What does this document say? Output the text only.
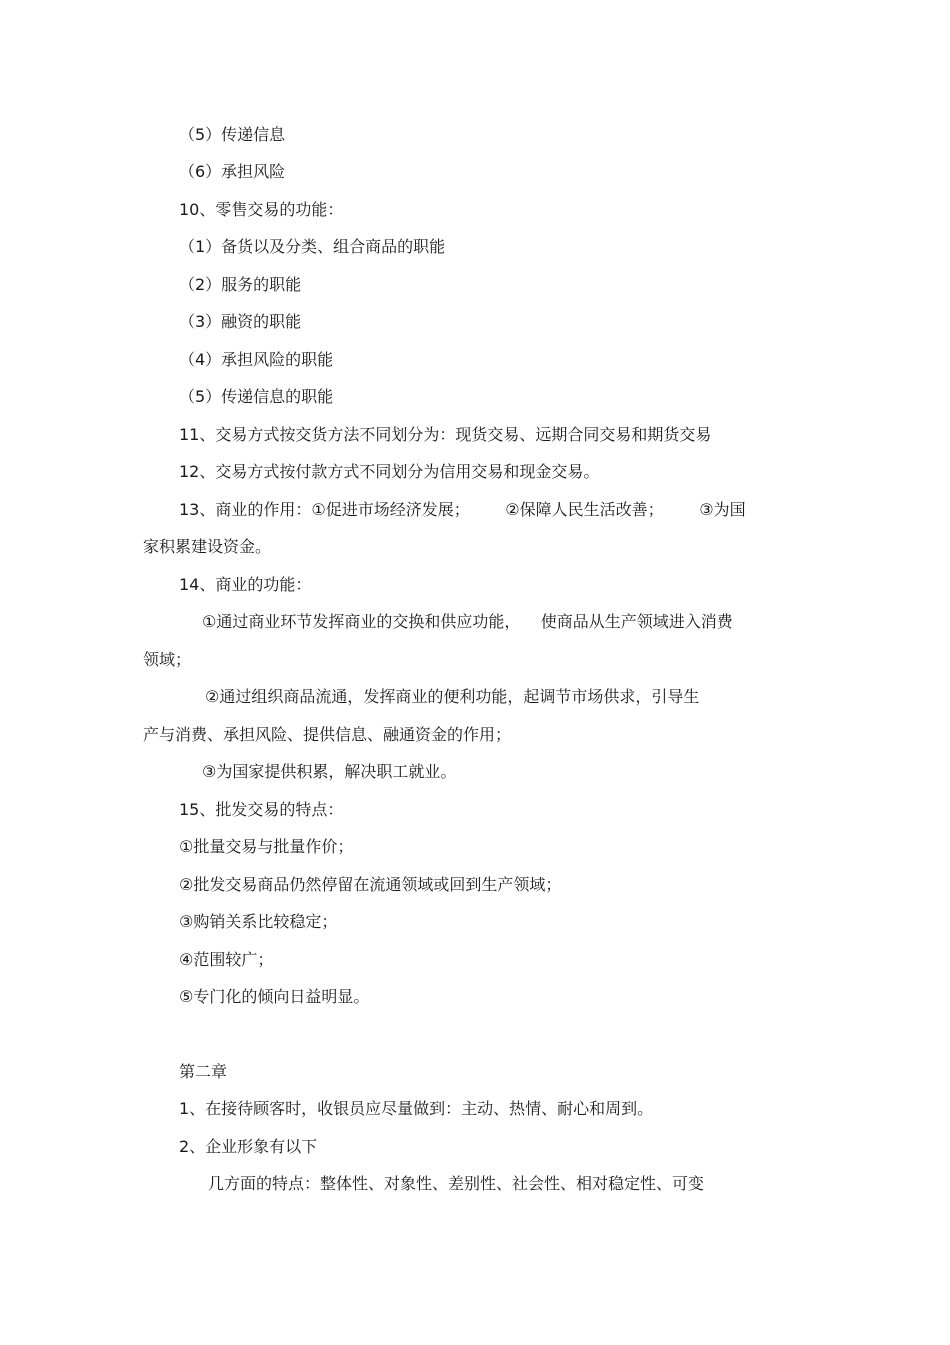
（5）传递信息
（6）承担风险
10、零售交易的功能：
（1）备货以及分类、组合商品的职能
（2）服务的职能
（3）融资的职能
（4）承担风险的职能
（5）传递信息的职能
11、交易方式按交货方法不同划分为：现货交易、远期合同交易和期货交易
12、交易方式按付款方式不同划分为信用交易和现金交易。
13、商业的作用：①促进市场经济发展；       ②保障人民生活改善；       ③为国
家积累建设资金。
14、商业的功能：
①通过商业环节发挥商业的交换和供应功能，    使商品从生产领域进入消费
领域；
②通过组织商品流通，发挥商业的便利功能，起调节市场供求，引导生
产与消费、承担风险、提供信息、融通资金的作用；
③为国家提供积累，解决职工就业。
15、批发交易的特点：
①批量交易与批量作价；
②批发交易商品仍然停留在流通领域或回到生产领域；
③购销关系比较稳定；
④范围较广；
⑤专门化的倾向日益明显。
第二章
1、在接待顾客时，收银员应尽量做到：主动、热情、耐心和周到。
2、企业形象有以下
几方面的特点：整体性、对象性、差别性、社会性、相对稳定性、可变
